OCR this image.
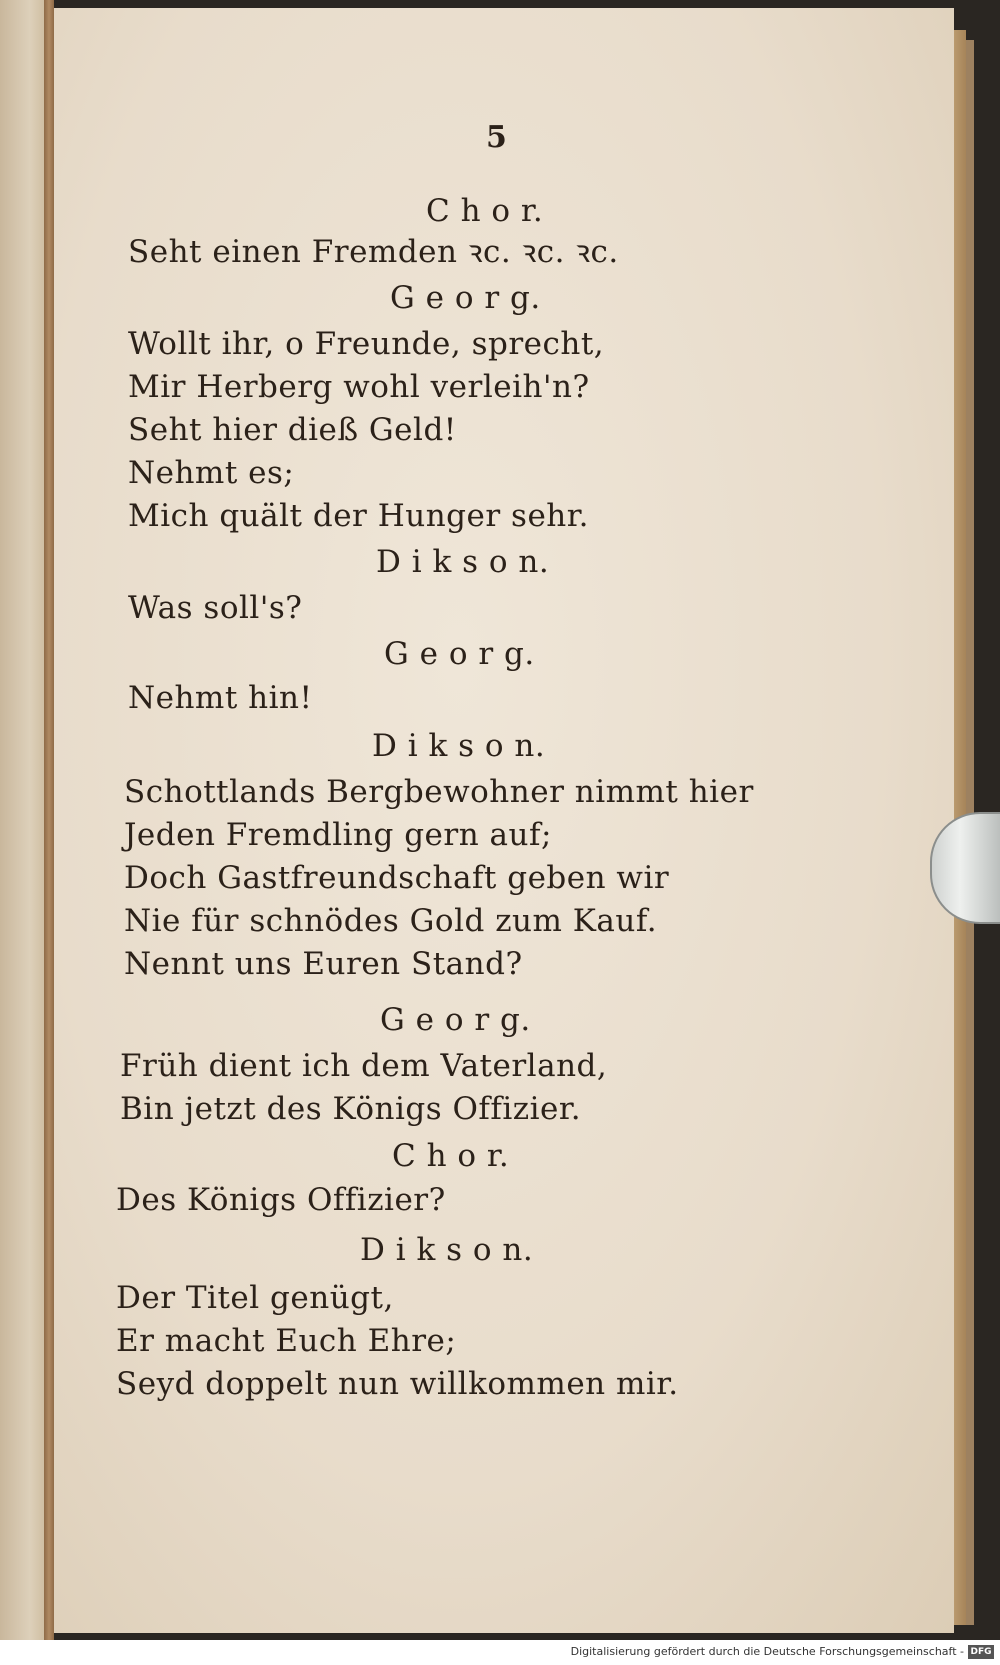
5
C h o r.
Seht einen Fremden ꝛc. ꝛc. ꝛc.
G e o r g.
Wollt ihr, o Freunde, sprecht,
Mir Herberg wohl verleih'n?
Seht hier dieß Geld!
Nehmt es;
Mich quält der Hunger sehr.
D i k s o n.
Was soll's?
G e o r g.
Nehmt hin!
D i k s o n.
Schottlands Bergbewohner nimmt hier
Jeden Fremdling gern auf;
Doch Gastfreundschaft geben wir
Nie für schnödes Gold zum Kauf.
Nennt uns Euren Stand?
G e o r g.
Früh dient ich dem Vaterland,
Bin jetzt des Königs Offizier.
C h o r.
Des Königs Offizier?
D i k s o n.
Der Titel genügt,
Er macht Euch Ehre;
Seyd doppelt nun willkommen mir.
Digitalisierung gefördert durch die Deutsche Forschungsgemeinschaft - DFG
